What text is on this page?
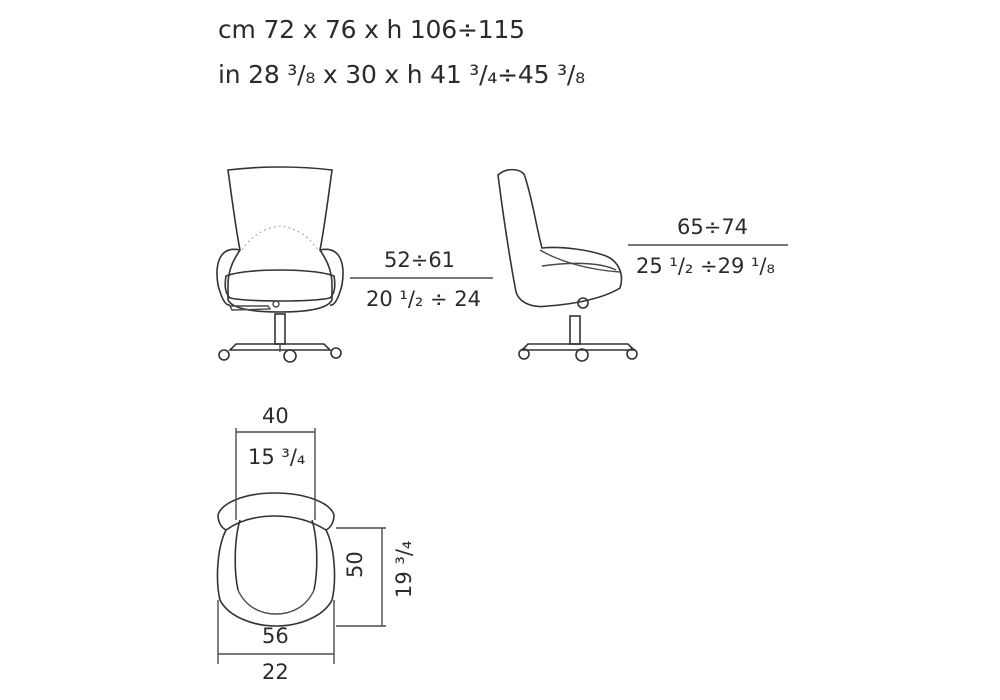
cm 72 x 76 x h 106÷115
in 28 ³/₈ x 30 x h 41 ³/₄÷45 ³/₈
52÷61
20 ¹/₂ ÷ 24
65÷74
25 ¹/₂ ÷29 ¹/₈
40
15 ³/₄
50 19 ³/₄
56
22
